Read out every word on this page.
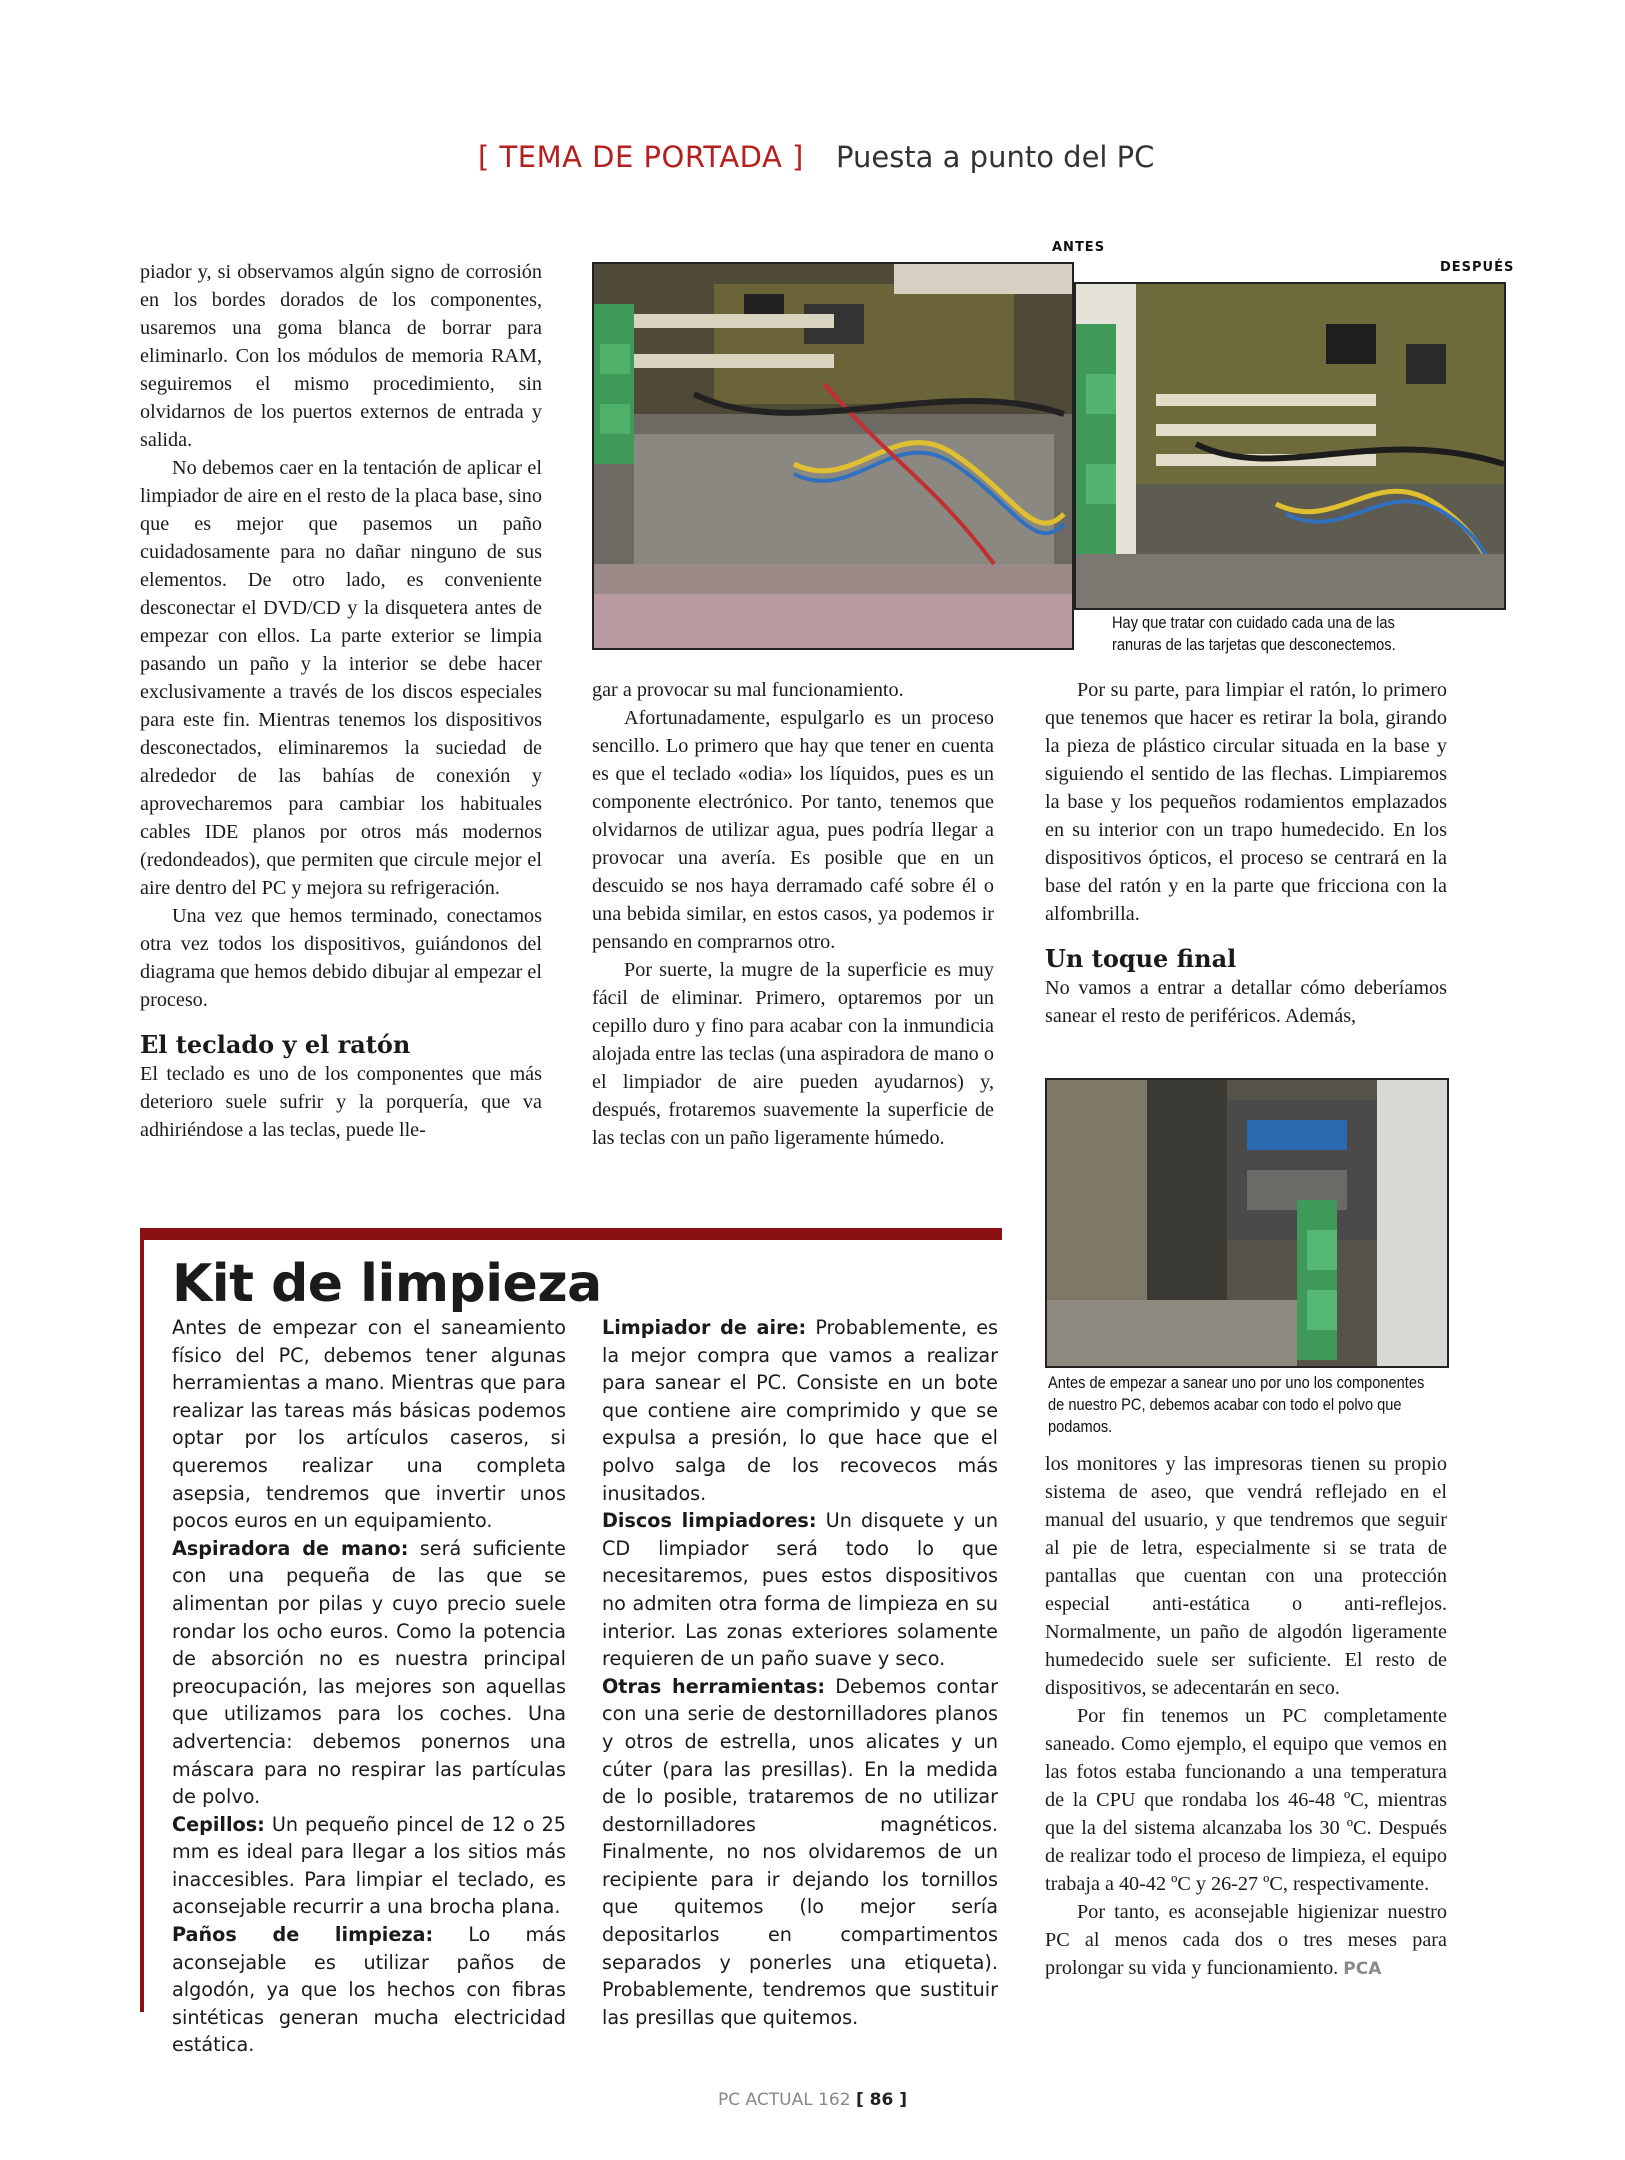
[ TEMA DE PORTADA ] Puesta a punto del PC

piador y, si observamos algún signo de corrosión en los bordes dorados de los componentes, usaremos una goma blanca de borrar para eliminarlo. Con los módulos de memoria RAM, seguiremos el mismo procedimiento, sin olvidarnos de los puertos externos de entrada y salida.

No debemos caer en la tentación de aplicar el limpiador de aire en el resto de la placa base, sino que es mejor que pasemos un paño cuidadosamente para no dañar ninguno de sus elementos. De otro lado, es conveniente desconectar el DVD/CD y la disquetera antes de empezar con ellos. La parte exterior se limpia pasando un paño y la interior se debe hacer exclusivamente a través de los discos especiales para este fin. Mientras tenemos los dispositivos desconectados, eliminaremos la suciedad de alrededor de las bahías de conexión y aprovecharemos para cambiar los habituales cables IDE planos por otros más modernos (redondeados), que permiten que circule mejor el aire dentro del PC y mejora su refrigeración.

Una vez que hemos terminado, conectamos otra vez todos los dispositivos, guiándonos del diagrama que hemos debido dibujar al empezar el proceso.

El teclado y el ratón

El teclado es uno de los componentes que más deterioro suele sufrir y la porquería, que va adhiriéndose a las teclas, puede lle-

ANTES
DESPUÉS
Hay que tratar con cuidado cada una de las ranuras de las tarjetas que desconectemos.

gar a provocar su mal funcionamiento.

Afortunadamente, espulgarlo es un proceso sencillo. Lo primero que hay que tener en cuenta es que el teclado «odia» los líquidos, pues es un componente electrónico. Por tanto, tenemos que olvidarnos de utilizar agua, pues podría llegar a provocar una avería. Es posible que en un descuido se nos haya derramado café sobre él o una bebida similar, en estos casos, ya podemos ir pensando en comprarnos otro.

Por suerte, la mugre de la superficie es muy fácil de eliminar. Primero, optaremos por un cepillo duro y fino para acabar con la inmundicia alojada entre las teclas (una aspiradora de mano o el limpiador de aire pueden ayudarnos) y, después, frotaremos suavemente la superficie de las teclas con un paño ligeramente húmedo.

Por su parte, para limpiar el ratón, lo primero que tenemos que hacer es retirar la bola, girando la pieza de plástico circular situada en la base y siguiendo el sentido de las flechas. Limpiaremos la base y los pequeños rodamientos emplazados en su interior con un trapo humedecido. En los dispositivos ópticos, el proceso se centrará en la base del ratón y en la parte que fricciona con la alfombrilla.

Un toque final

No vamos a entrar a detallar cómo deberíamos sanear el resto de periféricos. Además,

Antes de empezar a sanear uno por uno los componentes de nuestro PC, debemos acabar con todo el polvo que podamos.

los monitores y las impresoras tienen su propio sistema de aseo, que vendrá reflejado en el manual del usuario, y que tendremos que seguir al pie de letra, especialmente si se trata de pantallas que cuentan con una protección especial anti-estática o anti-reflejos. Normalmente, un paño de algodón ligeramente humedecido suele ser suficiente. El resto de dispositivos, se adecentarán en seco.

Por fin tenemos un PC completamente saneado. Como ejemplo, el equipo que vemos en las fotos estaba funcionando a una temperatura de la CPU que rondaba los 46-48 ºC, mientras que la del sistema alcanzaba los 30 ºC. Después de realizar todo el proceso de limpieza, el equipo trabaja a 40-42 ºC y 26-27 ºC, respectivamente.

Por tanto, es aconsejable higienizar nuestro PC al menos cada dos o tres meses para prolongar su vida y funcionamiento. PCA

Kit de limpieza
Antes de empezar con el saneamiento físico del PC, debemos tener algunas herramientas a mano. Mientras que para realizar las tareas más básicas podemos optar por los artículos caseros, si queremos realizar una completa asepsia, tendremos que invertir unos pocos euros en un equipamiento.
Aspiradora de mano: será suficiente con una pequeña de las que se alimentan por pilas y cuyo precio suele rondar los ocho euros. Como la potencia de absorción no es nuestra principal preocupación, las mejores son aquellas que utilizamos para los coches. Una advertencia: debemos ponernos una máscara para no respirar las partículas de polvo.
Cepillos: Un pequeño pincel de 12 o 25 mm es ideal para llegar a los sitios más inaccesibles. Para limpiar el teclado, es aconsejable recurrir a una brocha plana.
Paños de limpieza: Lo más aconsejable es utilizar paños de algodón, ya que los hechos con fibras sintéticas generan mucha electricidad estática.
Limpiador de aire: Probablemente, es la mejor compra que vamos a realizar para sanear el PC. Consiste en un bote que contiene aire comprimido y que se expulsa a presión, lo que hace que el polvo salga de los recovecos más inusitados.
Discos limpiadores: Un disquete y un CD limpiador será todo lo que necesitaremos, pues estos dispositivos no admiten otra forma de limpieza en su interior. Las zonas exteriores solamente requieren de un paño suave y seco.
Otras herramientas: Debemos contar con una serie de destornilladores planos y otros de estrella, unos alicates y un cúter (para las presillas). En la medida de lo posible, trataremos de no utilizar destornilladores magnéticos. Finalmente, no nos olvidaremos de un recipiente para ir dejando los tornillos que quitemos (lo mejor sería depositarlos en compartimentos separados y ponerles una etiqueta). Probablemente, tendremos que sustituir las presillas que quitemos.
PC ACTUAL 162 [ 86 ]
